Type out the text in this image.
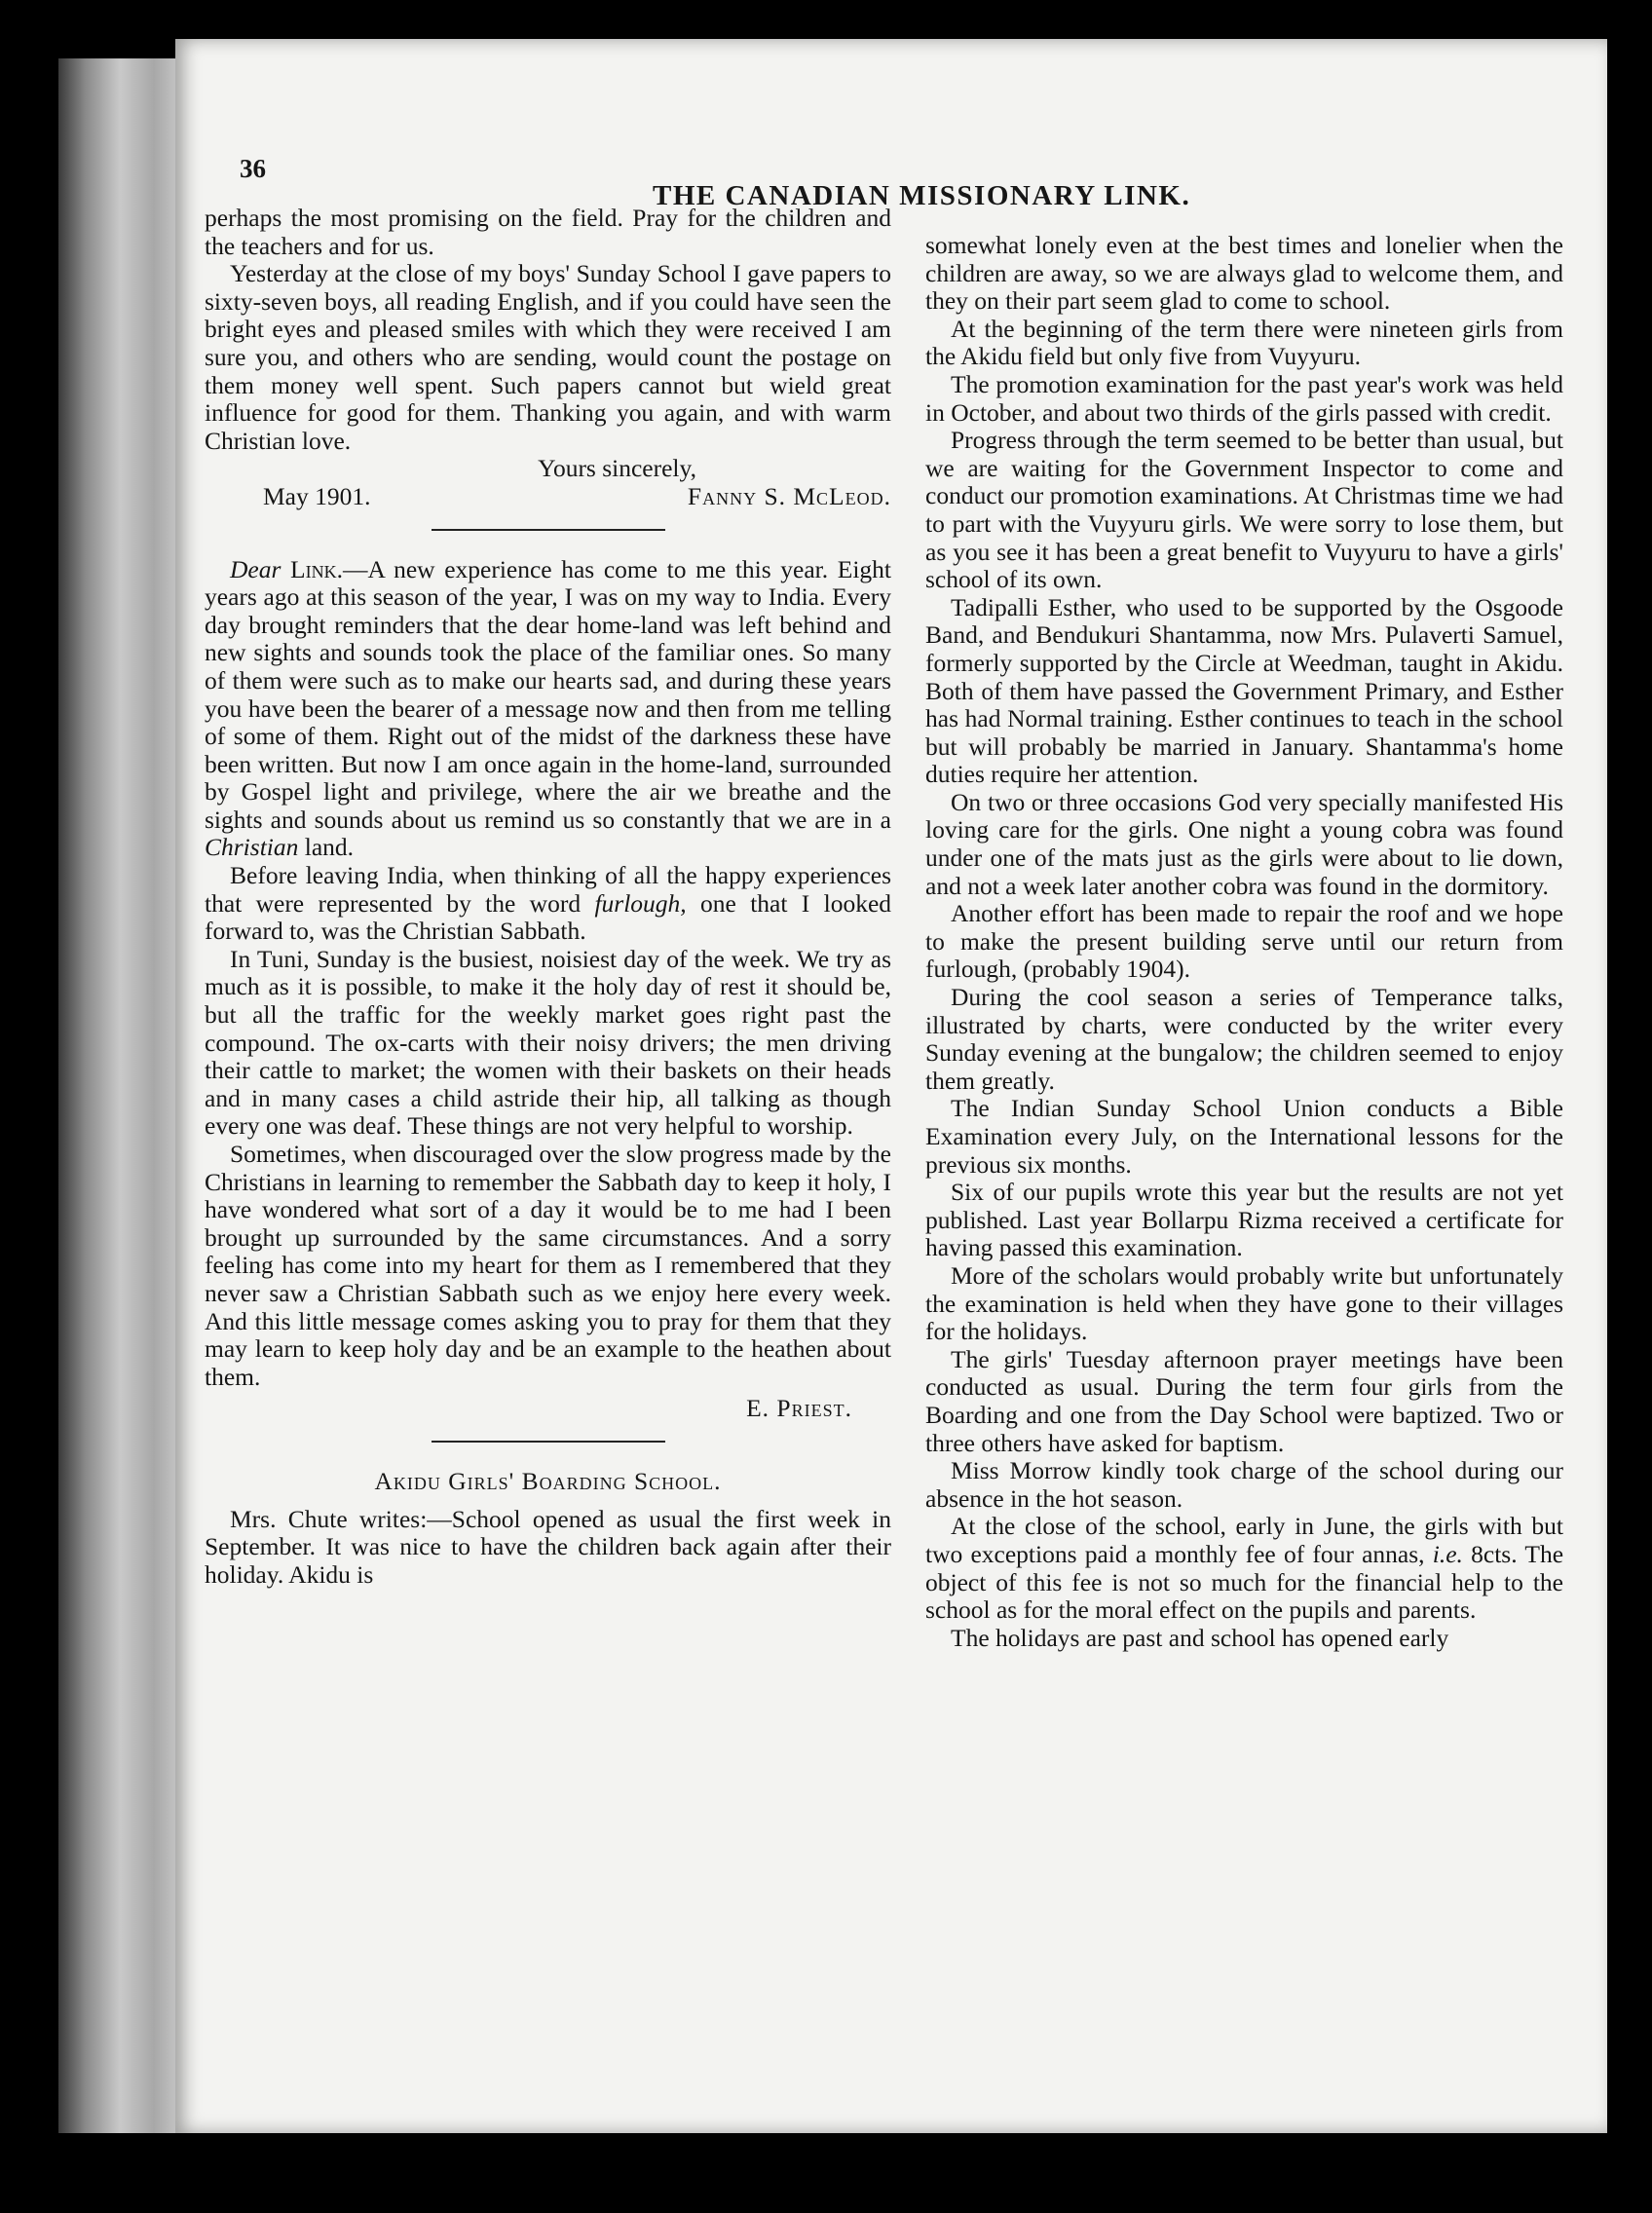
36
THE CANADIAN MISSIONARY LINK.

perhaps the most promising on the field. Pray for the children and the teachers and for us.

Yesterday at the close of my boys' Sunday School I gave papers to sixty-seven boys, all reading English, and if you could have seen the bright eyes and pleased smiles with which they were received I am sure you, and others who are sending, would count the postage on them money well spent. Such papers cannot but wield great influence for good for them. Thanking you again, and with warm Christian love.

Yours sincerely,

May 1901.	Fanny S. McLeod.

Dear Link.—A new experience has come to me this year. Eight years ago at this season of the year, I was on my way to India. Every day brought reminders that the dear home-land was left behind and new sights and sounds took the place of the familiar ones. So many of them were such as to make our hearts sad, and during these years you have been the bearer of a message now and then from me telling of some of them. Right out of the midst of the darkness these have been written. But now I am once again in the home-land, surrounded by Gospel light and privilege, where the air we breathe and the sights and sounds about us remind us so constantly that we are in a Christian land.

Before leaving India, when thinking of all the happy experiences that were represented by the word furlough, one that I looked forward to, was the Christian Sabbath.

In Tuni, Sunday is the busiest, noisiest day of the week. We try as much as it is possible, to make it the holy day of rest it should be, but all the traffic for the weekly market goes right past the compound. The ox-carts with their noisy drivers; the men driving their cattle to market; the women with their baskets on their heads and in many cases a child astride their hip, all talking as though every one was deaf. These things are not very helpful to worship.

Sometimes, when discouraged over the slow progress made by the Christians in learning to remember the Sabbath day to keep it holy, I have wondered what sort of a day it would be to me had I been brought up surrounded by the same circumstances. And a sorry feeling has come into my heart for them as I remembered that they never saw a Christian Sabbath such as we enjoy here every week. And this little message comes asking you to pray for them that they may learn to keep holy day and be an example to the heathen about them.

E. Priest.

Akidu Girls' Boarding School.

Mrs. Chute writes:—School opened as usual the first week in September. It was nice to have the children back again after their holiday. Akidu is

somewhat lonely even at the best times and lonelier when the children are away, so we are always glad to welcome them, and they on their part seem glad to come to school.

At the beginning of the term there were nineteen girls from the Akidu field but only five from Vuyyuru.

The promotion examination for the past year's work was held in October, and about two thirds of the girls passed with credit.

Progress through the term seemed to be better than usual, but we are waiting for the Government Inspector to come and conduct our promotion examinations. At Christmas time we had to part with the Vuyyuru girls. We were sorry to lose them, but as you see it has been a great benefit to Vuyyuru to have a girls' school of its own.

Tadipalli Esther, who used to be supported by the Osgoode Band, and Bendukuri Shantamma, now Mrs. Pulaverti Samuel, formerly supported by the Circle at Weedman, taught in Akidu. Both of them have passed the Government Primary, and Esther has had Normal training. Esther continues to teach in the school but will probably be married in January. Shantamma's home duties require her attention.

On two or three occasions God very specially manifested His loving care for the girls. One night a young cobra was found under one of the mats just as the girls were about to lie down, and not a week later another cobra was found in the dormitory.

Another effort has been made to repair the roof and we hope to make the present building serve until our return from furlough, (probably 1904).

During the cool season a series of Temperance talks, illustrated by charts, were conducted by the writer every Sunday evening at the bungalow; the children seemed to enjoy them greatly.

The Indian Sunday School Union conducts a Bible Examination every July, on the International lessons for the previous six months.

Six of our pupils wrote this year but the results are not yet published. Last year Bollarpu Rizma received a certificate for having passed this examination.

More of the scholars would probably write but unfortunately the examination is held when they have gone to their villages for the holidays.

The girls' Tuesday afternoon prayer meetings have been conducted as usual. During the term four girls from the Boarding and one from the Day School were baptized. Two or three others have asked for baptism.

Miss Morrow kindly took charge of the school during our absence in the hot season.

At the close of the school, early in June, the girls with but two exceptions paid a monthly fee of four annas, i.e. 8cts. The object of this fee is not so much for the financial help to the school as for the moral effect on the pupils and parents.

The holidays are past and school has opened early
